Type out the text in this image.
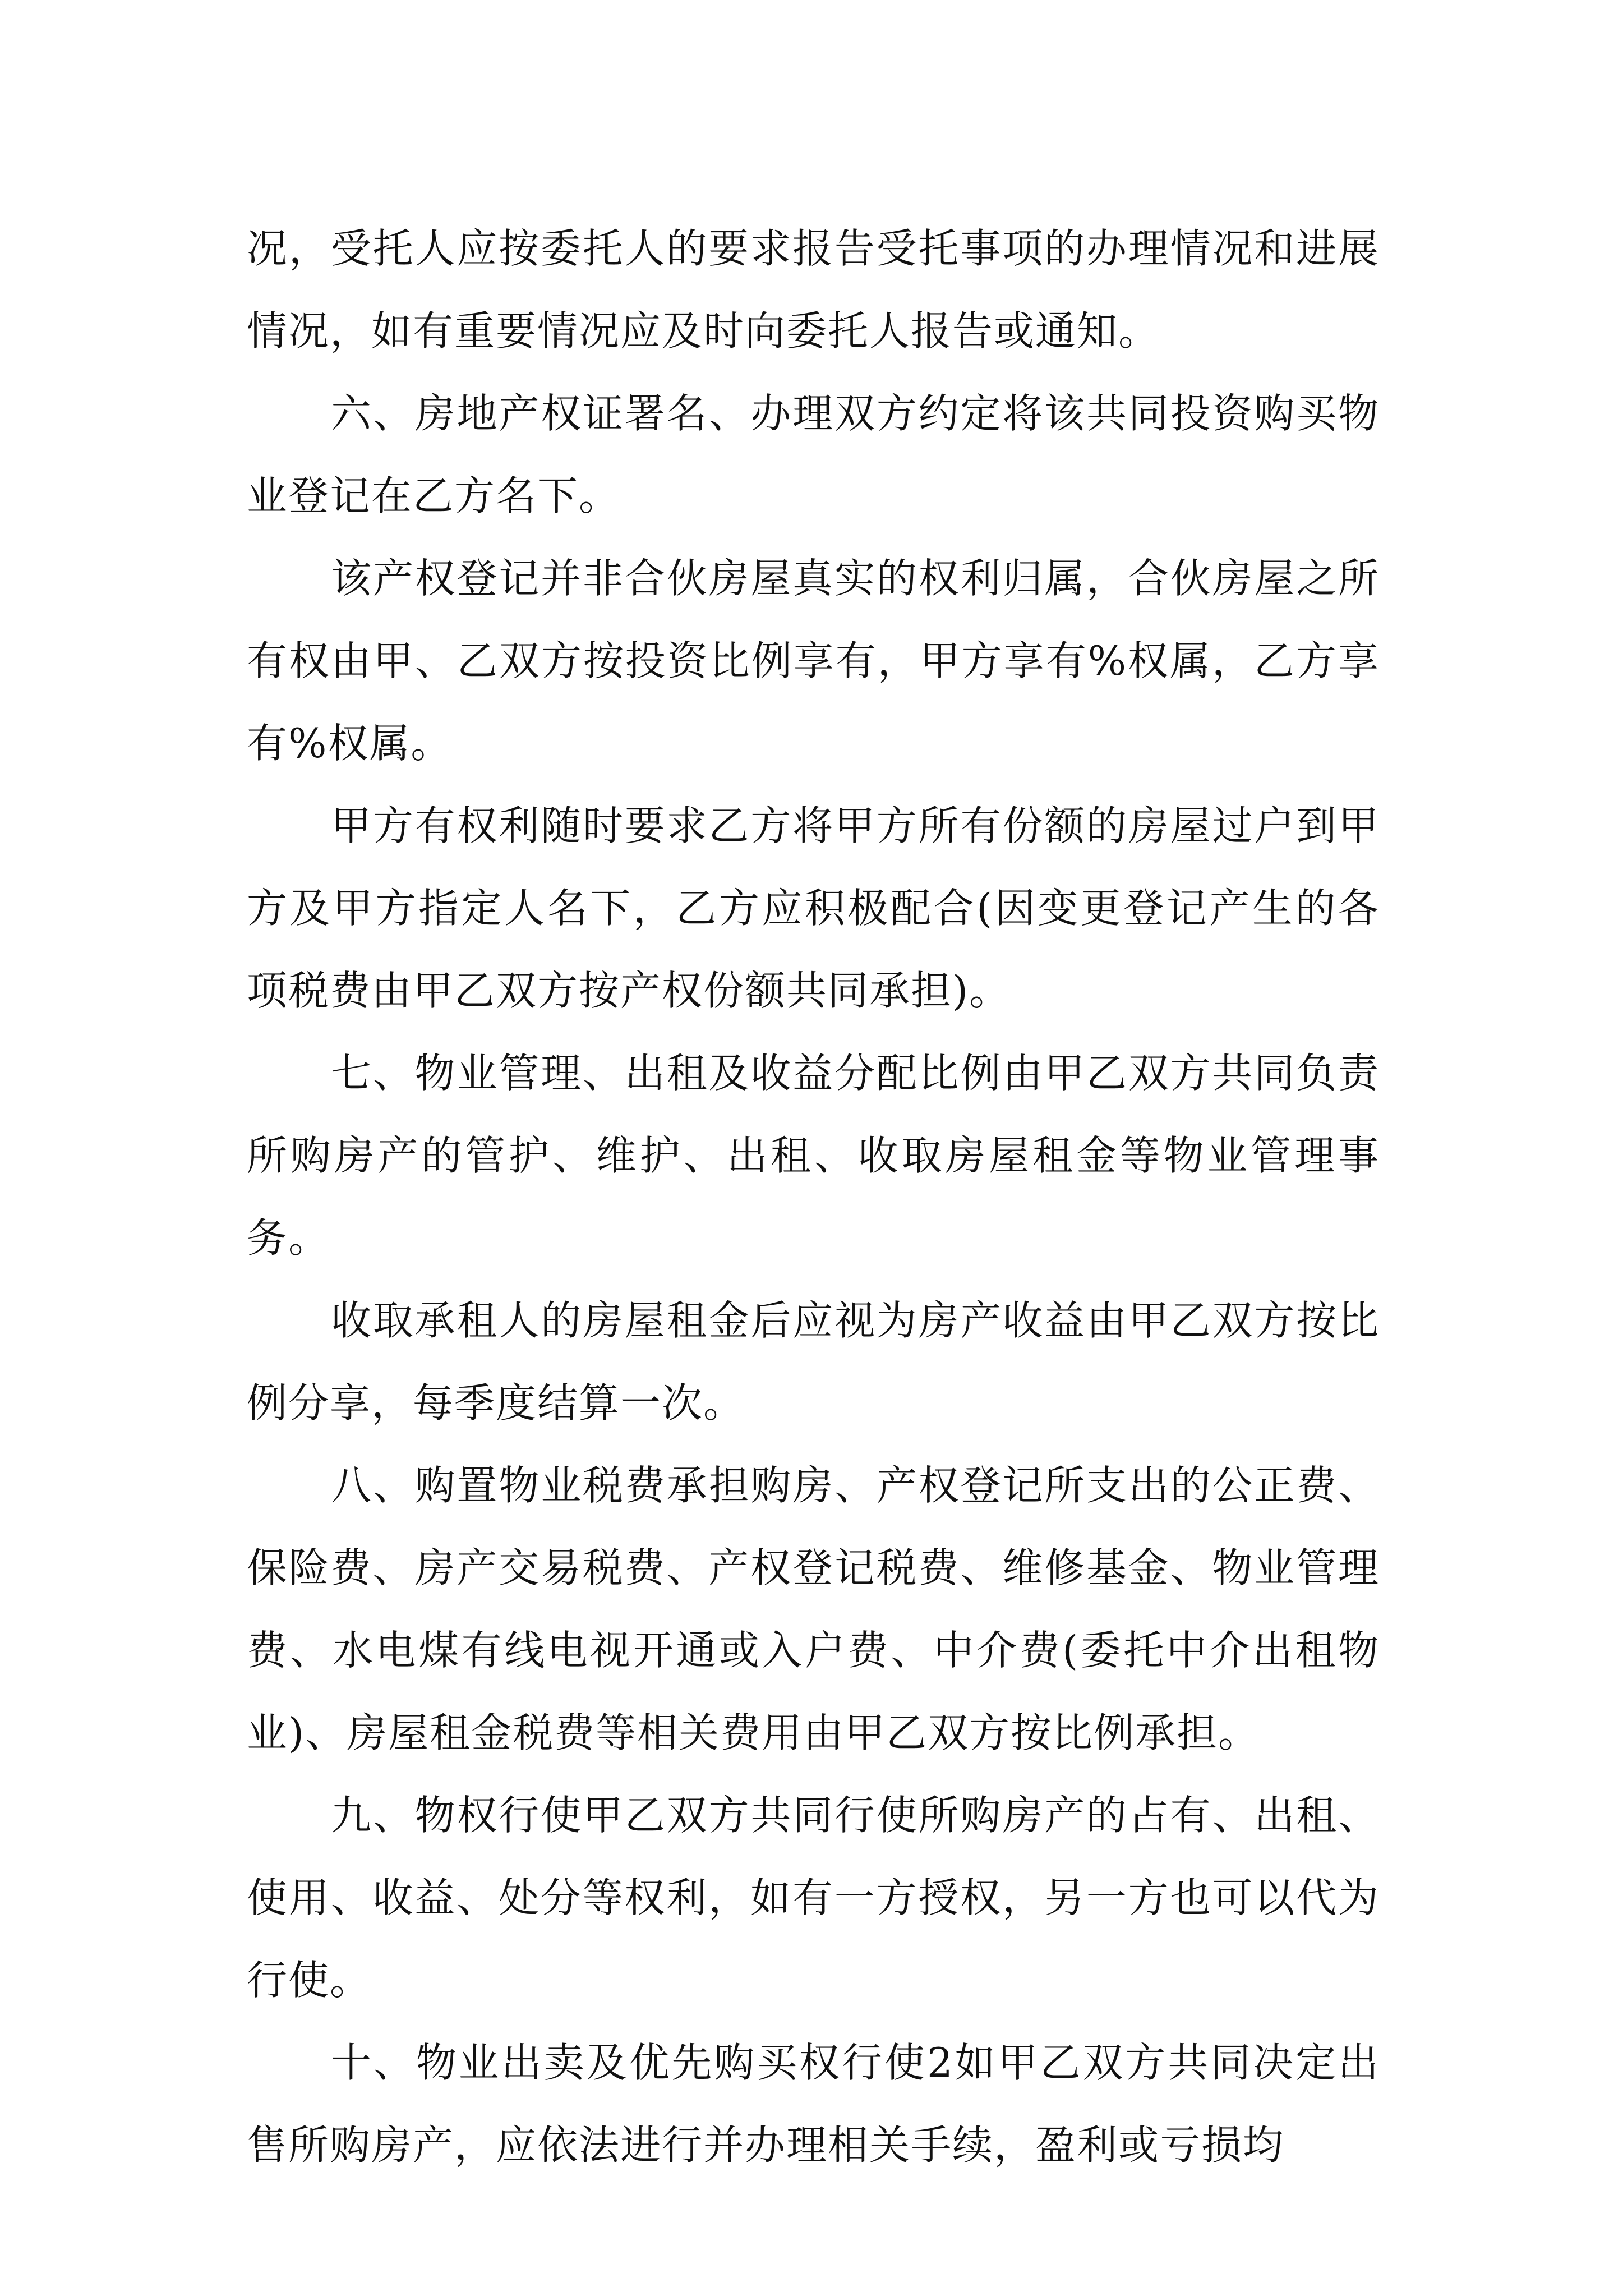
况，受托人应按委托人的要求报告受托事项的办理情况和进展情况，如有重要情况应及时向委托人报告或通知。

六、房地产权证署名、办理双方约定将该共同投资购买物业登记在乙方名下。

该产权登记并非合伙房屋真实的权利归属，合伙房屋之所有权由甲、乙双方按投资比例享有，甲方享有%权属，乙方享有%权属。

甲方有权利随时要求乙方将甲方所有份额的房屋过户到甲方及甲方指定人名下，乙方应积极配合(因变更登记产生的各项税费由甲乙双方按产权份额共同承担)。

七、物业管理、出租及收益分配比例由甲乙双方共同负责所购房产的管护、维护、出租、收取房屋租金等物业管理事务。

收取承租人的房屋租金后应视为房产收益由甲乙双方按比例分享，每季度结算一次。

八、购置物业税费承担购房、产权登记所支出的公正费、保险费、房产交易税费、产权登记税费、维修基金、物业管理费、水电煤有线电视开通或入户费、中介费(委托中介出租物业)、房屋租金税费等相关费用由甲乙双方按比例承担。

九、物权行使甲乙双方共同行使所购房产的占有、出租、使用、收益、处分等权利，如有一方授权，另一方也可以代为行使。

十、物业出卖及优先购买权行使2如甲乙双方共同决定出售所购房产，应依法进行并办理相关手续，盈利或亏损均
